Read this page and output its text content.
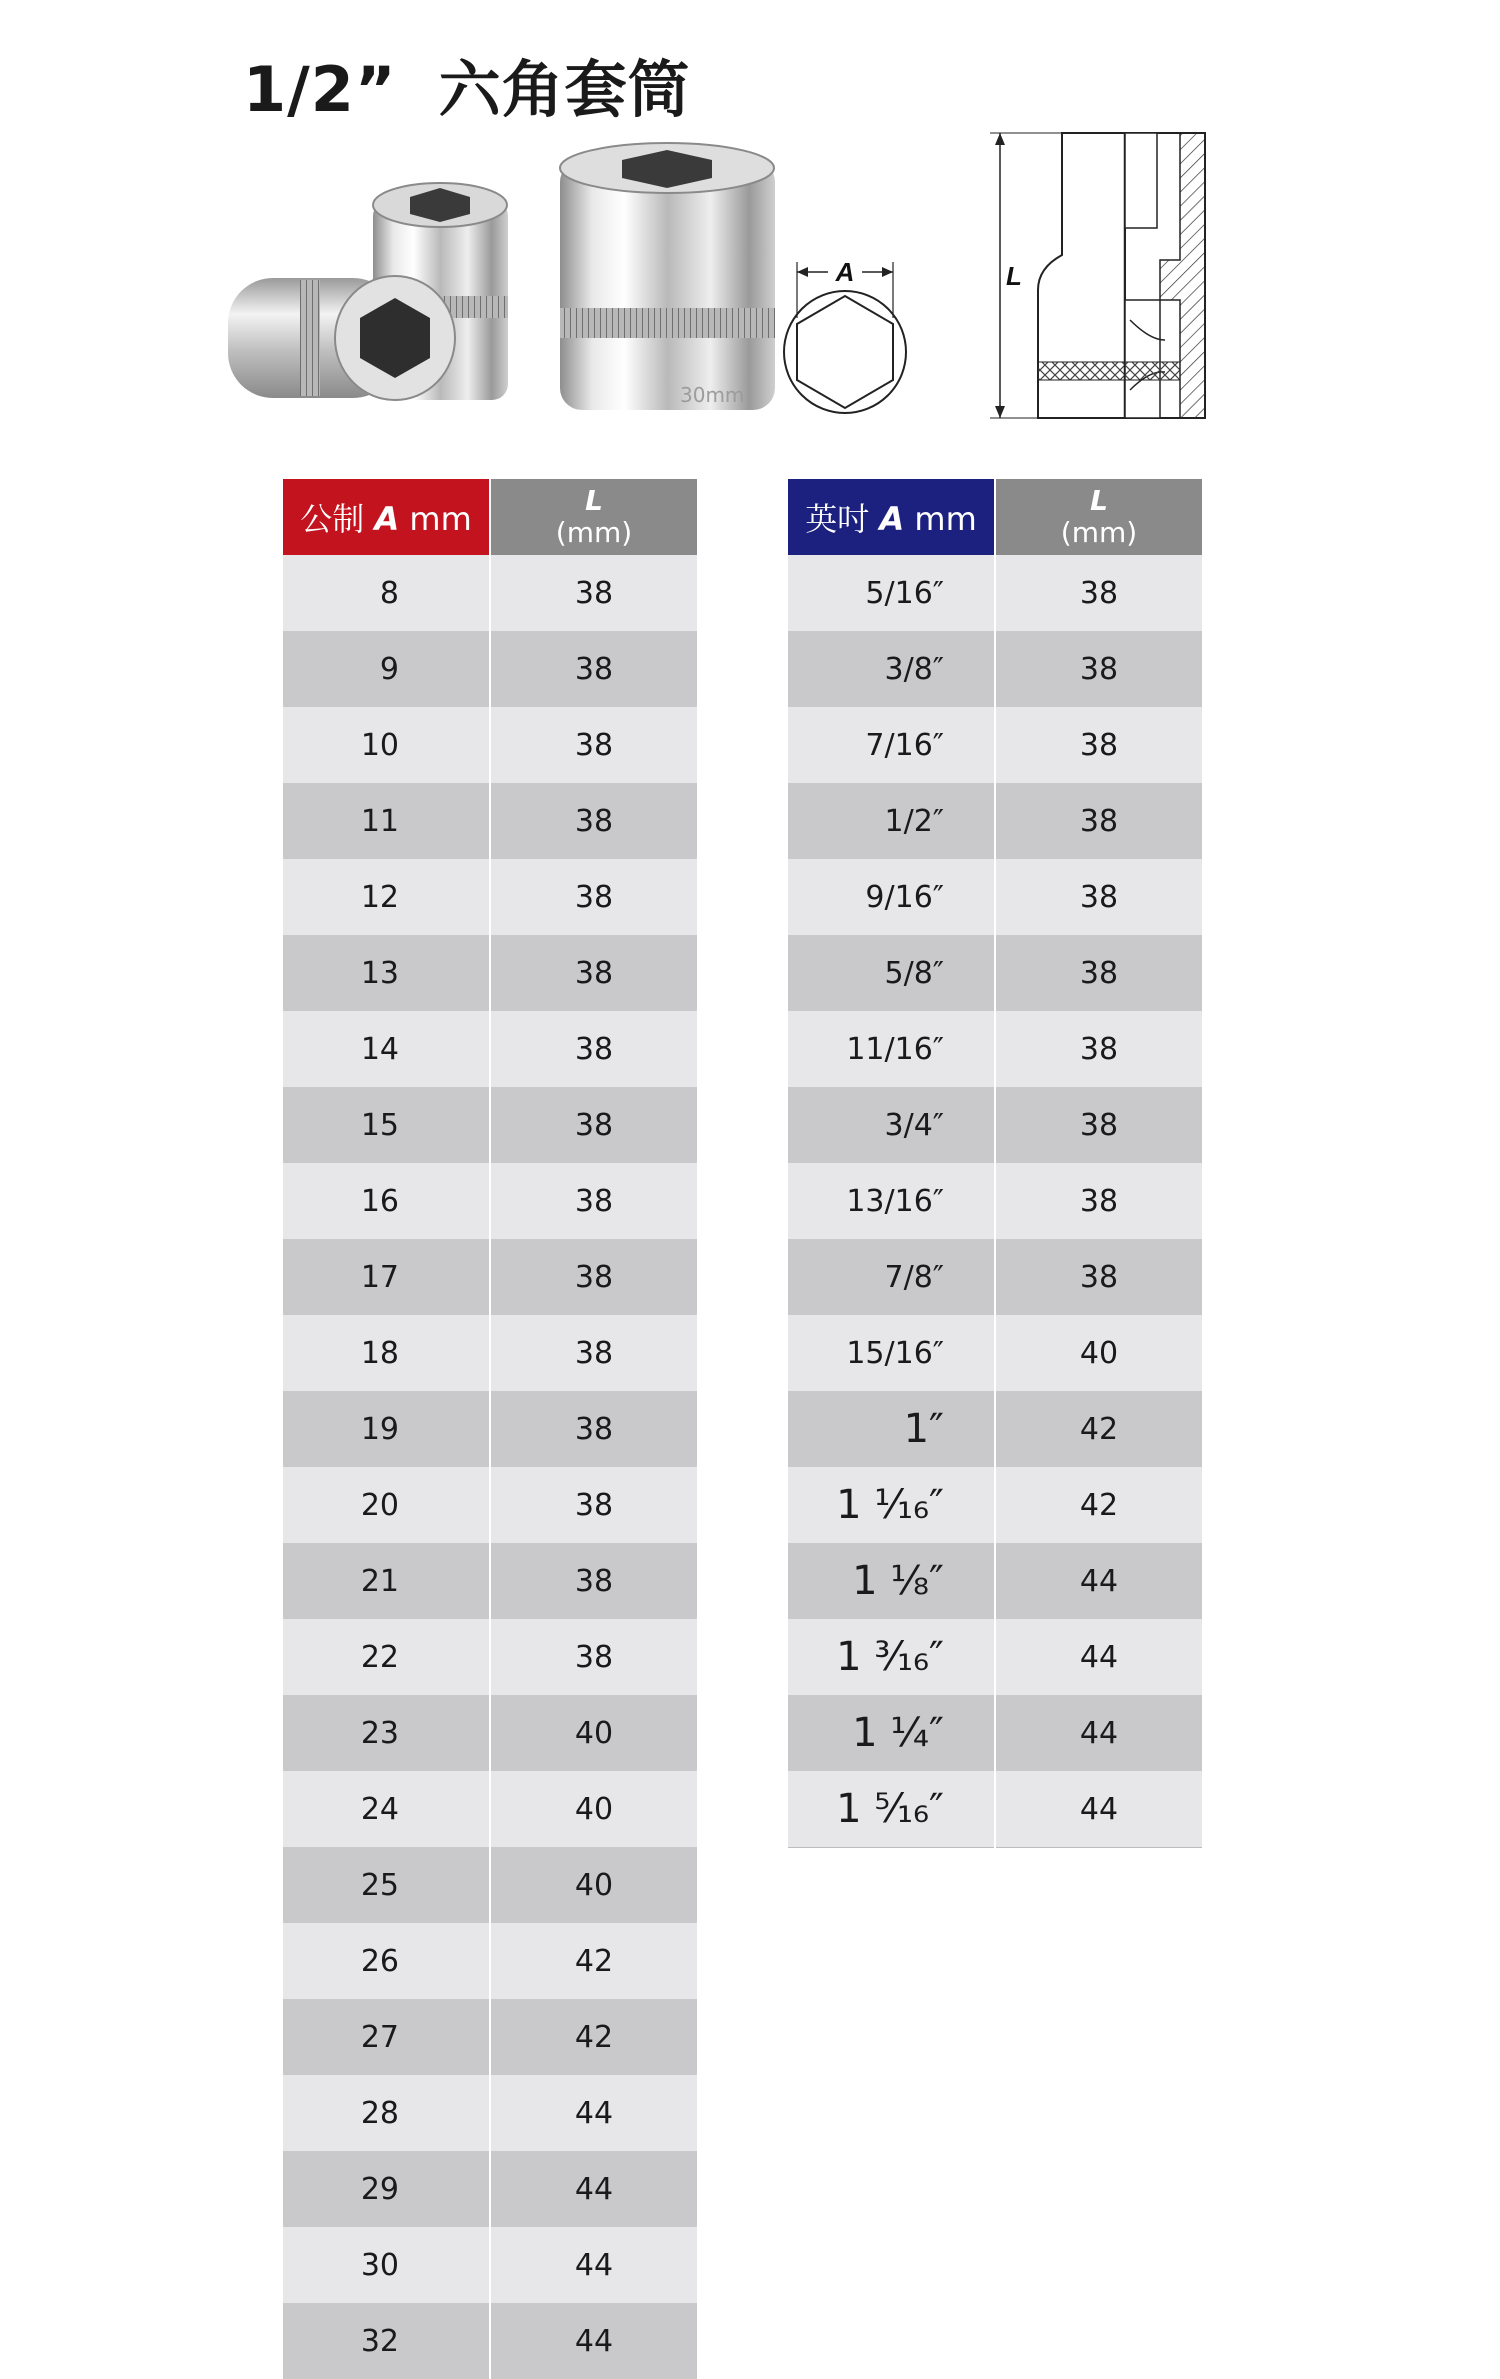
1/2” 六角套筒
30mm
A	L
公制 A mm	L
(mm)
8	38
9	38
10	38
11	38
12	38
13	38
14	38
15	38
16	38
17	38
18	38
19	38
20	38
21	38
22	38
23	40
24	40
25	40
26	42
27	42
28	44
29	44
30	44
32	44
英吋 A mm	L
(mm)
5/16″	38
3/8″	38
7/16″	38
1/2″	38
9/16″	38
5/8″	38
11/16″	38
3/4″	38
13/16″	38
7/8″	38
15/16″	40
1″	42
1 ¹⁄₁₆″	42
1 ⅛″	44
1 ³⁄₁₆″	44
1 ¼″	44
1 ⁵⁄₁₆″	44
